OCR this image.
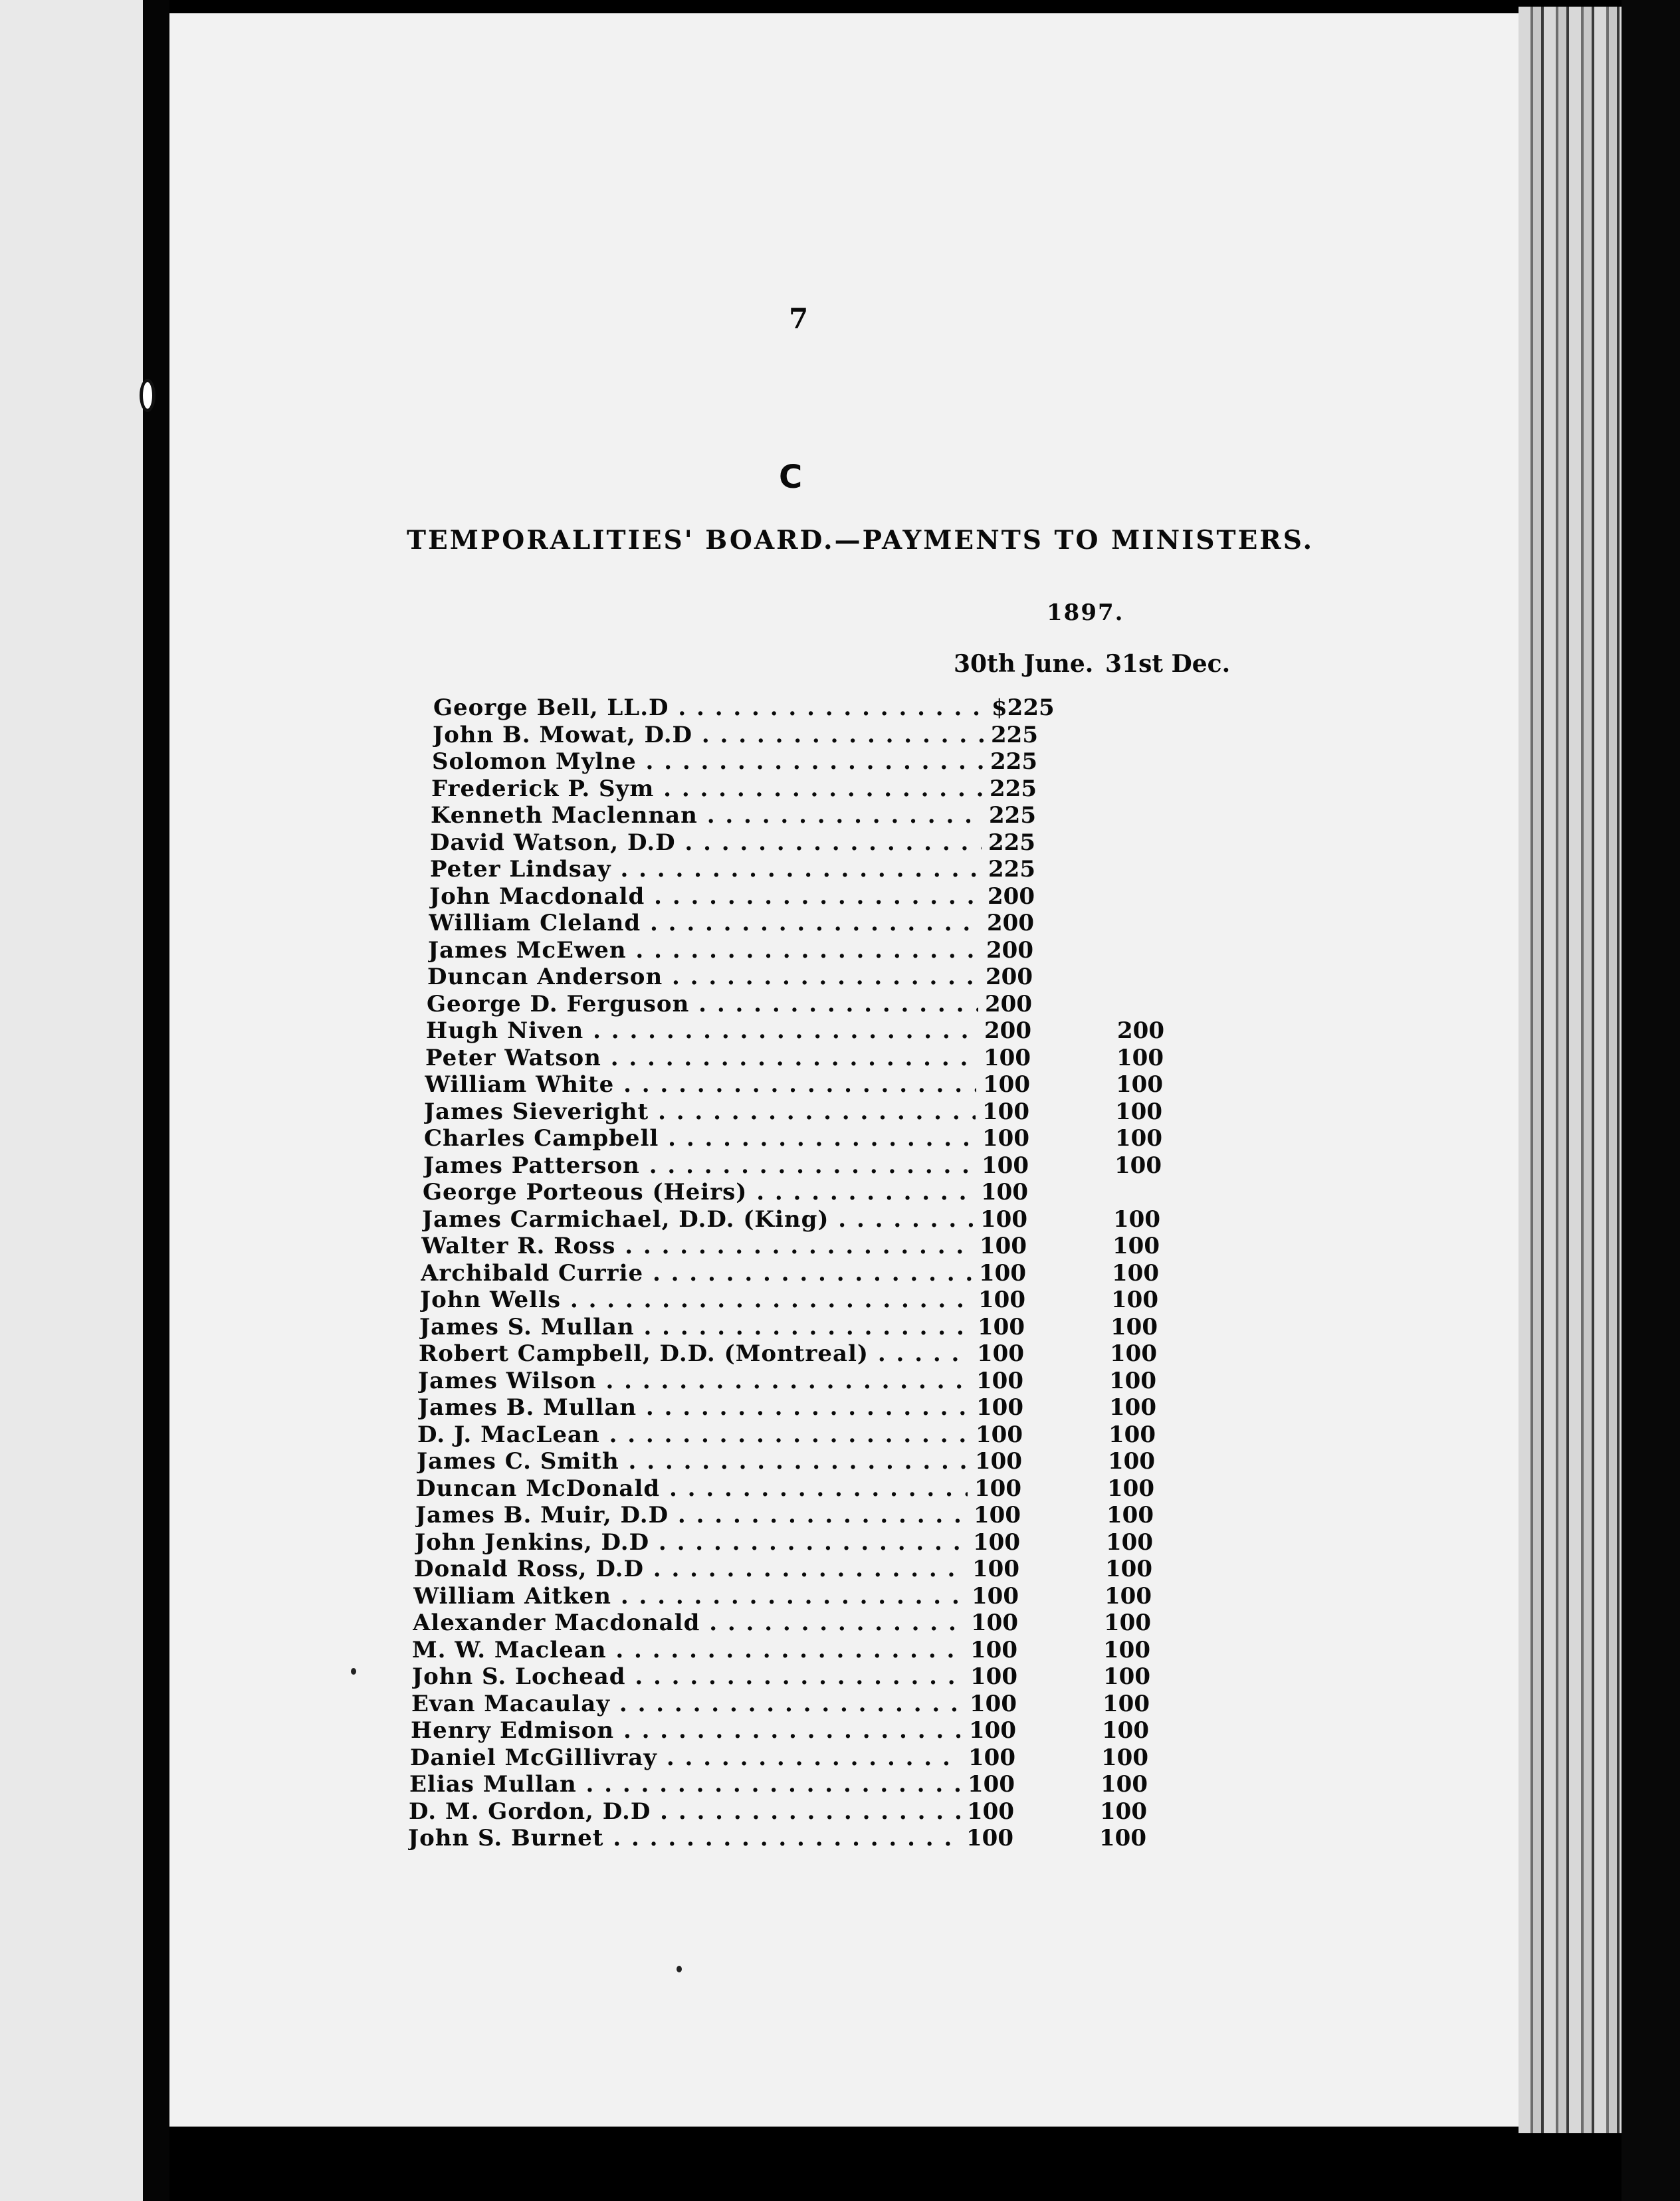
7
C
TEMPORALITIES' BOARD.—PAYMENTS TO MINISTERS.
1897.
30th June. 31st Dec.
George Bell, LL.D . . .	$225
John B. Mowat, D.D . . .	225
Solomon Mylne . . .	225
Frederick P. Sym . . .	225
Kenneth Maclennan . . .	225
David Watson, D.D . . .	225
Peter Lindsay . . .	225
John Macdonald . . .	200
William Cleland . . .	200
James McEwen . . .	200
Duncan Anderson . . .	200
George D. Ferguson . . .	200
Hugh Niven . . .	200	200
Peter Watson . . .	100	100
William White . . .	100	100
James Sieveright . . .	100	100
Charles Campbell . . .	100	100
James Patterson . . .	100	100
George Porteous (Heirs) . . .	100
James Carmichael, D.D. (King) . . .	100	100
Walter R. Ross . . .	100	100
Archibald Currie . . .	100	100
John Wells . . .	100	100
James S. Mullan . . .	100	100
Robert Campbell, D.D. (Montreal) . . .	100	100
James Wilson . . .	100	100
James B. Mullan . . .	100	100
D. J. MacLean . . .	100	100
James C. Smith . . .	100	100
Duncan McDonald . . .	100	100
James B. Muir, D.D . . .	100	100
John Jenkins, D.D . . .	100	100
Donald Ross, D.D . . .	100	100
William Aitken . . .	100	100
Alexander Macdonald . . .	100	100
M. W. Maclean . . .	100	100
John S. Lochead . . .	100	100
Evan Macaulay . . .	100	100
Henry Edmison . . .	100	100
Daniel McGillivray . . .	100	100
Elias Mullan . . .	100	100
D. M. Gordon, D.D . . .	100	100
John S. Burnet . . .	100	100
